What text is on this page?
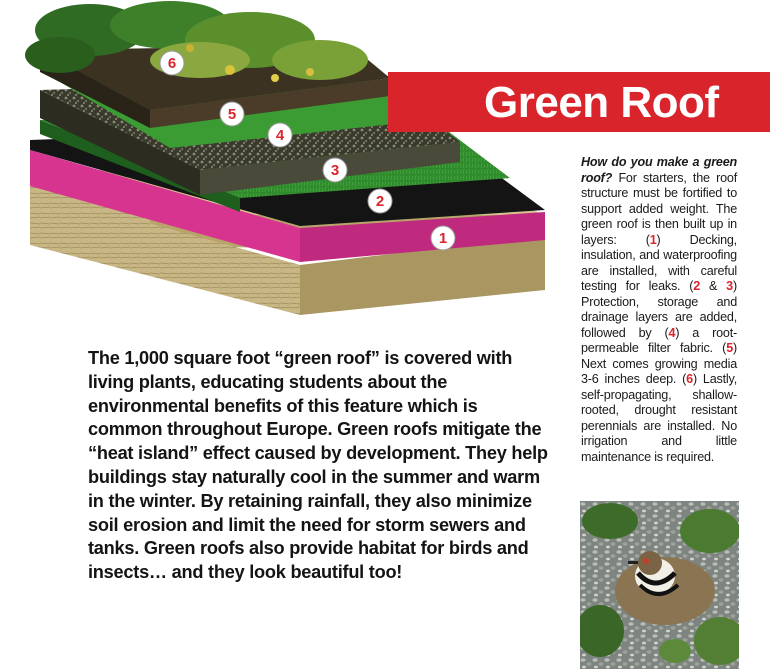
6
5
4
3
2
1
Green Roof
How do you make a green roof? For starters, the roof structure must be fortified to support added weight. The green roof is then built up in layers: (1) Decking, insulation, and waterproofing are installed, with careful testing for leaks. (2 & 3) Protection, storage and drainage layers are added, followed by (4) a root-permeable filter fabric. (5) Next comes growing media 3-6 inches deep. (6) Lastly, self-propagating, shallow-rooted, drought resistant perennials are installed. No irrigation and little maintenance is required.
The 1,000 square foot “green roof” is covered with living plants, educating students about the environmental benefits of this feature which is common throughout Europe. Green roofs mitigate the “heat island” effect caused by development. They help buildings stay naturally cool in the summer and warm in the winter. By retaining rainfall, they also minimize soil erosion and limit the need for storm sewers and tanks. Green roofs also provide habitat for birds and insects… and they look beautiful too!
